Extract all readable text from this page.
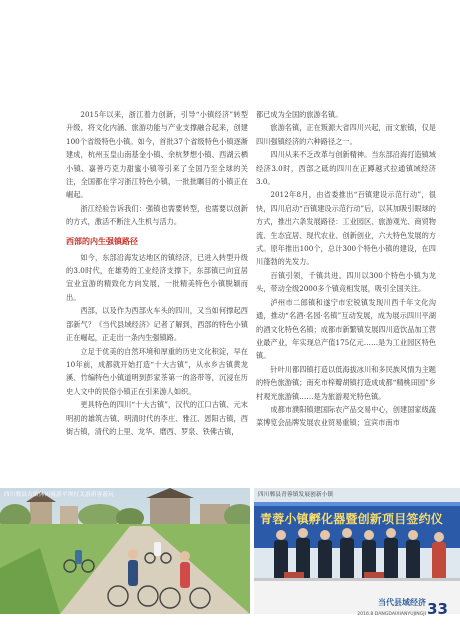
2015年以来，浙江着力创新，引导“小镇经济”转型升级，将文化内涵、旅游功能与产业支撑融合起来，创建100个省级特色小镇。如今，首批37个省级特色小镇逐渐建成，杭州玉皇山南基金小镇、余杭梦想小镇、西湖云栖小镇、嘉善巧克力甜蜜小镇等引来了全国乃至全球的关注，全国都在学习浙江特色小镇，一批批瞩目的小镇正在崛起。

浙江经验告诉我们：强镇也需要转型，也需要以创新的方式，激活不断注入生机与活力。

西部的内生强镇路径

如今，东部沿海发达地区的镇经济，已进入转型升级的3.0时代，在雄势的工业经济支撑下，东部镇已向宜居宜业宜游的精致化方向发展，一批精美特色小镇脱颖而出。

西部，以及作为西部火车头的四川，又当如何撑起西部新气？《当代县域经济》记者了解到，西部的特色小镇正在崛起，正走出一条内生强镇路。

立足于优美的自然环境和厚重的历史文化积淀，早在10年前，成都就开始打造“十大古镇”，从水乡古镇黄龙溪、竹编特色小镇道明到彭家茶第一的洛带等，沉浸在历史人文中的民俗小镇正在引来游人如织。

更具特色的四川“十大古镇”，汉代的江口古镇、元末明初的雄筑古镇、明清时代的李庄、雅江、恩阳古镇，西街古镇，清代的上里、龙华、磨西、罗泉、铁佛古镇，

都已成为全国的旅游名镇。

旅游名镇，正在叛源大省四川兴起，而文旅镇，仅是四川强镇经济的六种路径之一。

四川从来不乏改革与创新精神。当东部沿海打造镇域经济3.0时，西部之砥的四川在正蹲越式拉通镇域经济3.0。

2012年8月，由省委推出“百镇建设示范行动”，很快，四川启动“百镇建设示范行动”后，以其加吸引眼球的方式，推出六条发展路径：工业园区、旅游观光、商贸物流、生态宜居、现代农业、创新创业，六大特色发展的方式。原年推出100个，总计300个特色小镇的建设，在四川蓬勃的先发力。

百镇引领，千镇共进。四川以300个特色小镇为龙头，带动全级2000多个镇竞相发展，吸引全国关注。

泸州市二郎镇和遂宁市宏锐镇发现川西千年文化沟通，推动“名酒·名园·名镇”互动发展，成为展示四川平湖的酒文化特色名镇；成都市新繁镇发展四川造饮品加工营业最产业，年实现总产值175亿元……是为工业园区特色镇。

针叶川都四镇打造以低海拔冰川和多民族风情为主题的特色旅游镇；南充市梓瓣胡镇打造成成都“精桃田园”乡村观光旅游镇……是为旅游观光特色镇。

成都市濮阳镇建国际农产品交易中心，创建国家级蔬菜博览会品牌发展农业贸易重镇；宜宾市南市

四川郫县古镇休闲骑游平坝打关游游客游玩
青蓉小镇孵化器暨创新项目签约仪
四川郫县青蓉镇发展创新小镇
当代县域经济
2016.8 DANGDAIXIANYUJINGJI 33
